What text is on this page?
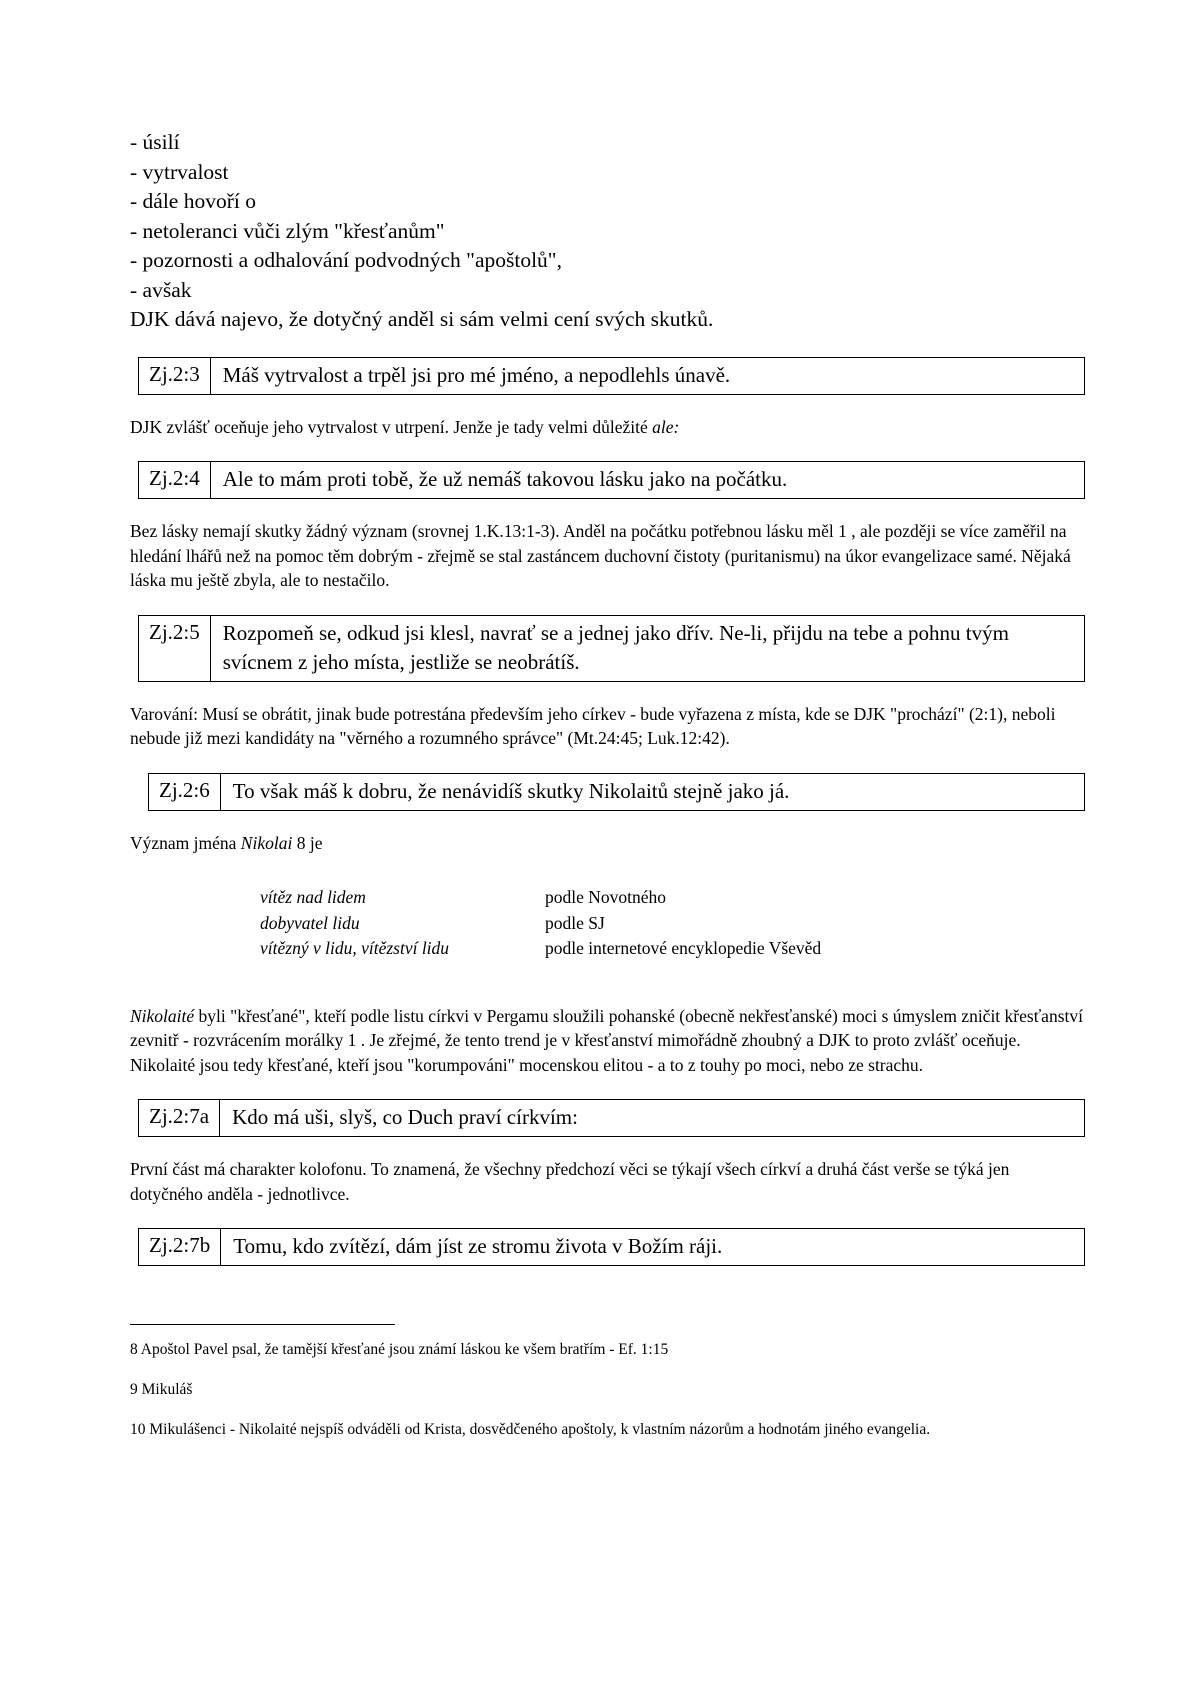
- úsilí
- vytrvalost
- dále hovoří o
- netoleranci vůči zlým "křesťanům"
- pozornosti a odhalování podvodných "apoštolů",
- avšak
DJK dává najevo, že dotyčný anděl si sám velmi cení svých skutků.
Zj.2:3	Máš vytrvalost a trpěl jsi pro mé jméno, a nepodlehls únavě.
DJK zvlášť oceňuje jeho vytrvalost v utrpení. Jenže je tady velmi důležité ale:
Zj.2:4	Ale to mám proti tobě, že už nemáš takovou lásku jako na počátku.
Bez lásky nemají skutky žádný význam (srovnej 1.K.13:1-3). Anděl na počátku potřebnou lásku měl 1 , ale později se více zaměřil na hledání lhářů než na pomoc těm dobrým - zřejmě se stal zastáncem duchovní čistoty (puritanismu) na úkor evangelizace samé. Nějaká láska mu ještě zbyla, ale to nestačilo.
Zj.2:5	Rozpomeň se, odkud jsi klesl, navrať se a jednej jako dřív. Ne-li, přijdu na tebe a pohnu tvým svícnem z jeho místa, jestliže se neobrátíš.
Varování: Musí se obrátit, jinak bude potrestána především jeho církev - bude vyřazena z místa, kde se DJK "prochází" (2:1), neboli nebude již mezi kandidáty na "věrného a rozumného správce" (Mt.24:45; Luk.12:42).
Zj.2:6	To však máš k dobru, že nenávidíš skutky Nikolaitů stejně jako já.
Význam jména Nikolai 8 je
vítěz nad lidem	podle Novotného
dobyvatel lidu	podle SJ
vítězný v lidu, vítězství lidu	podle internetové encyklopedie Vševěd
Nikolaité byli "křesťané", kteří podle listu církvi v Pergamu sloužili pohanské (obecně nekřesťanské) moci s úmyslem zničit křesťanství zevnitř - rozvrácením morálky 1 . Je zřejmé, že tento trend je v křesťanství mimořádně zhoubný a DJK to proto zvlášť oceňuje. Nikolaité jsou tedy křesťané, kteří jsou "korumpováni" mocenskou elitou - a to z touhy po moci, nebo ze strachu.
Zj.2:7a	Kdo má uši, slyš, co Duch praví církvím:
První část má charakter kolofonu. To znamená, že všechny předchozí věci se týkají všech církví a druhá část verše se týká jen dotyčného anděla - jednotlivce.
Zj.2:7b	Tomu, kdo zvítězí, dám jíst ze stromu života v Božím ráji.
8 Apoštol Pavel psal, že tamější křesťané jsou známí láskou ke všem bratřím - Ef. 1:15
9 Mikuláš
10 Mikulášenci - Nikolaité nejspíš odváděli od Krista, dosvědčeného apoštoly, k vlastním názorům a hodnotám jiného evangelia.
